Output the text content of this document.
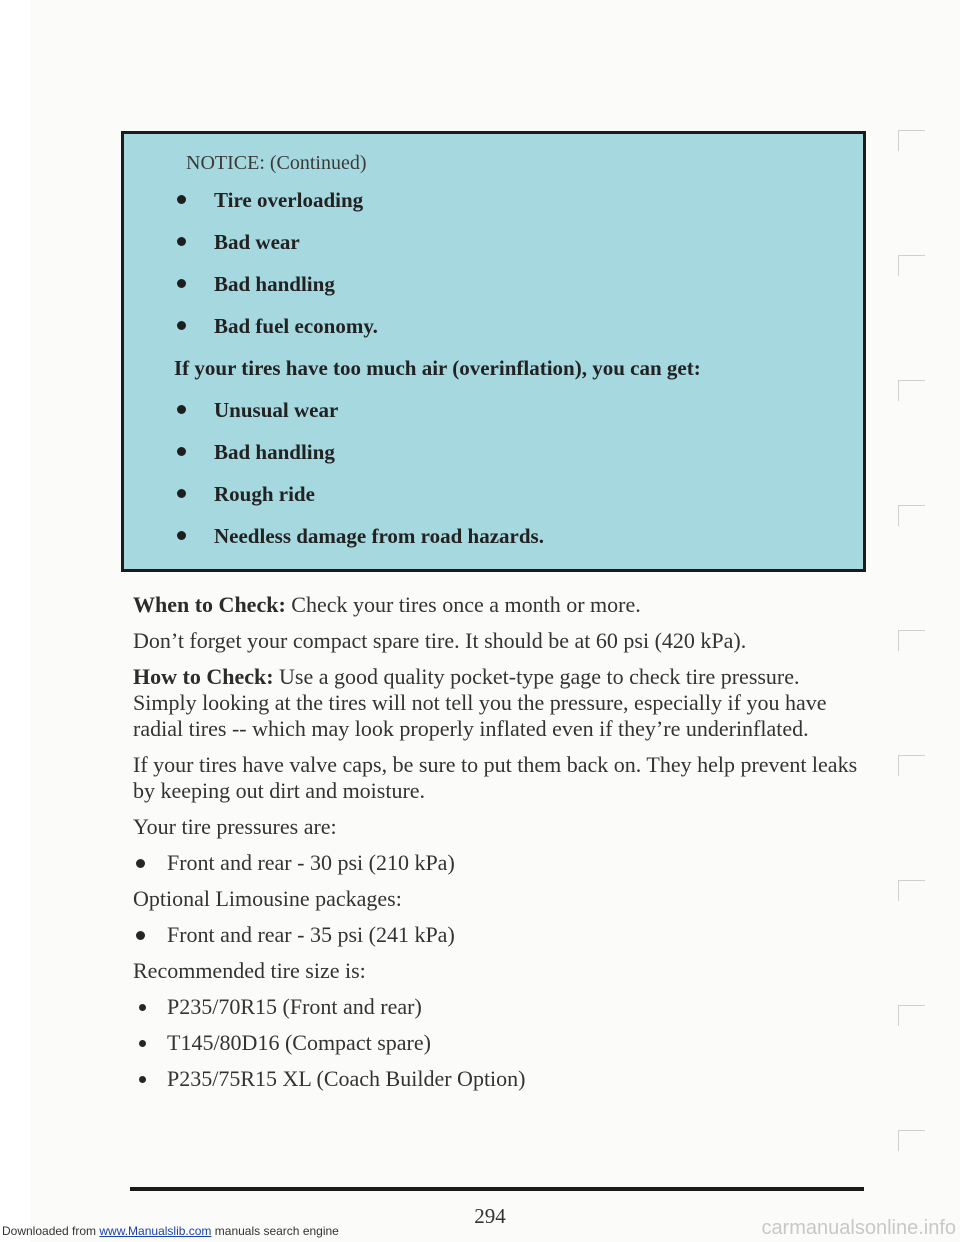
NOTICE: (Continued)
Tire overloading
Bad wear
Bad handling
Bad fuel economy.

If your tires have too much air (overinflation), you can get:

Unusual wear
Bad handling
Rough ride
Needless damage from road hazards.

When to Check: Check your tires once a month or more.

Don’t forget your compact spare tire. It should be at 60 psi (420 kPa).

How to Check: Use a good quality pocket-type gage to check tire pressure. Simply looking at the tires will not tell you the pressure, especially if you have radial tires -- which may look properly inflated even if they’re underinflated.

If your tires have valve caps, be sure to put them back on. They help prevent leaks by keeping out dirt and moisture.

Your tire pressures are:

Front and rear - 30 psi (210 kPa)

Optional Limousine packages:

Front and rear - 35 psi (241 kPa)

Recommended tire size is:

P235/70R15 (Front and rear)
T145/80D16 (Compact spare)
P235/75R15 XL (Coach Builder Option)
294
Downloaded from www.Manualslib.com manuals search engine	carmanualsonline.info
